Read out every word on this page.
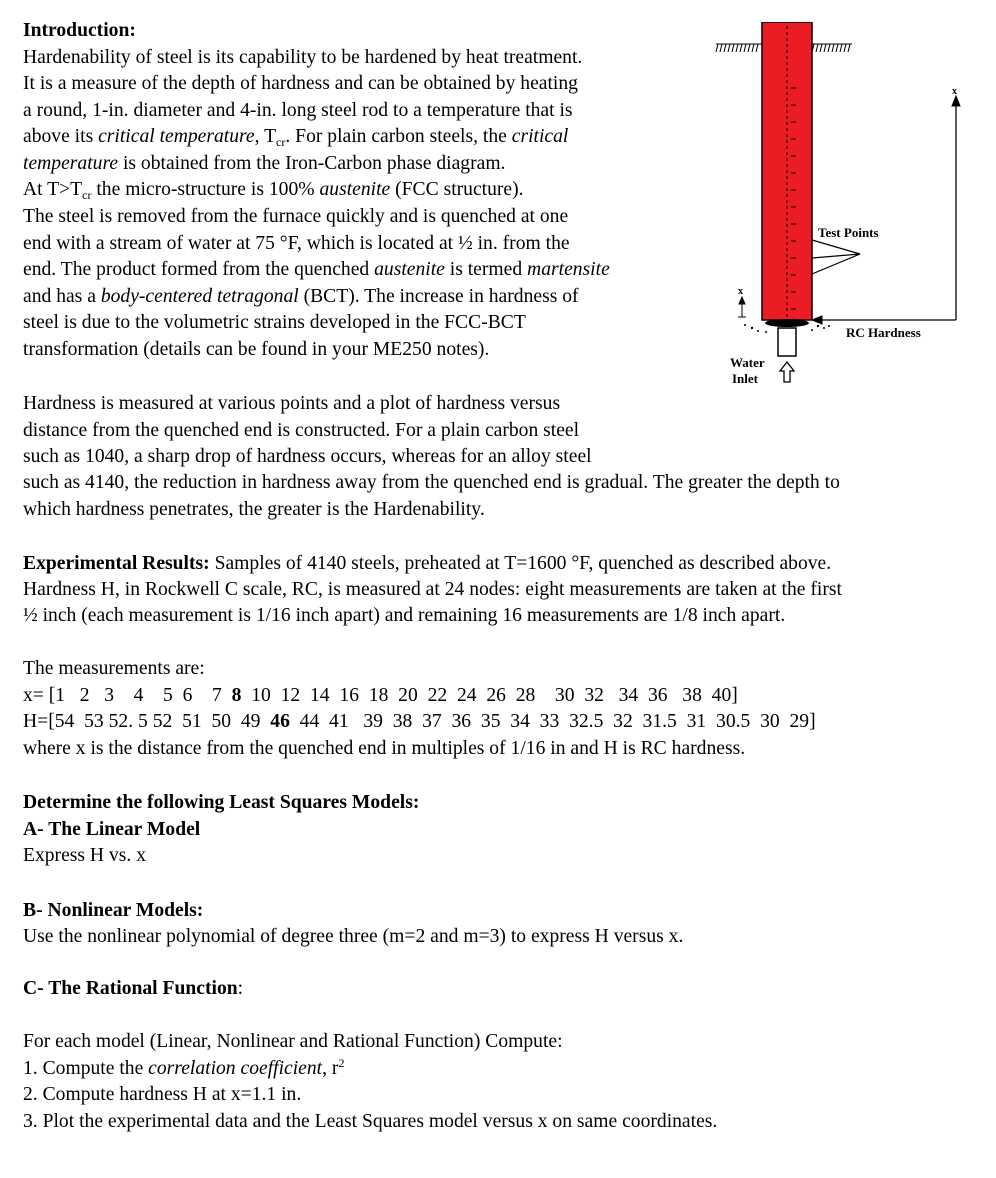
Introduction:
Hardenability of steel is its capability to be hardened by heat treatment.
It is a measure of the depth of hardness and can be obtained by heating
a round, 1-in. diameter and 4-in. long steel rod to a temperature that is
above its critical temperature, $T_{cr}$. For plain carbon steels, the critical
temperature is obtained from the Iron-Carbon phase diagram.
At $T>T_{cr}$ the micro-structure is 100% austenite (FCC structure).
The steel is removed from the furnace quickly and is quenched at one
end with a stream of water at 75 °F, which is located at ½ in. from the
end. The product formed from the quenched austenite is termed martensite
and has a body-centered tetragonal (BCT). The increase in hardness of
steel is due to the volumetric strains developed in the FCC-BCT
transformation (details can be found in your ME250 notes).
Test Points
Water
Inlet
x
x
RC Hardness
Hardness is measured at various points and a plot of hardness versus
distance from the quenched end is constructed. For a plain carbon steel
such as 1040, a sharp drop of hardness occurs, whereas for an alloy steel
such as 4140, the reduction in hardness away from the quenched end is gradual. The greater the depth to
which hardness penetrates, the greater is the Hardenability.
Experimental Results: Samples of 4140 steels, preheated at T=1600 °F, quenched as described above.
Hardness H, in Rockwell C scale, RC, is measured at 24 nodes: eight measurements are taken at the first
½ inch (each measurement is 1/16 inch apart) and remaining 16 measurements are 1/8 inch apart.
The measurements are:
x= [1   2   3    4    5  6    7  8  10  12  14  16  18  20  22  24  26  28    30  32   34  36   38  40]
H=[54  53 52. 5 52  51  50  49  46  44  41   39  38  37  36  35  34  33  32.5  32  31.5  31  30.5  30  29]
where x is the distance from the quenched end in multiples of 1/16 in and H is RC hardness.
Determine the following Least Squares Models:
A- The Linear Model
Express H vs. x
B- Nonlinear Models:
Use the nonlinear polynomial of degree three (m=2 and m=3) to express H versus x.
C- The Rational Function:
For each model (Linear, Nonlinear and Rational Function) Compute:
1. Compute the correlation coefficient, $r^2$
2. Compute hardness H at x=1.1 in.
3. Plot the experimental data and the Least Squares model versus x on same coordinates.
